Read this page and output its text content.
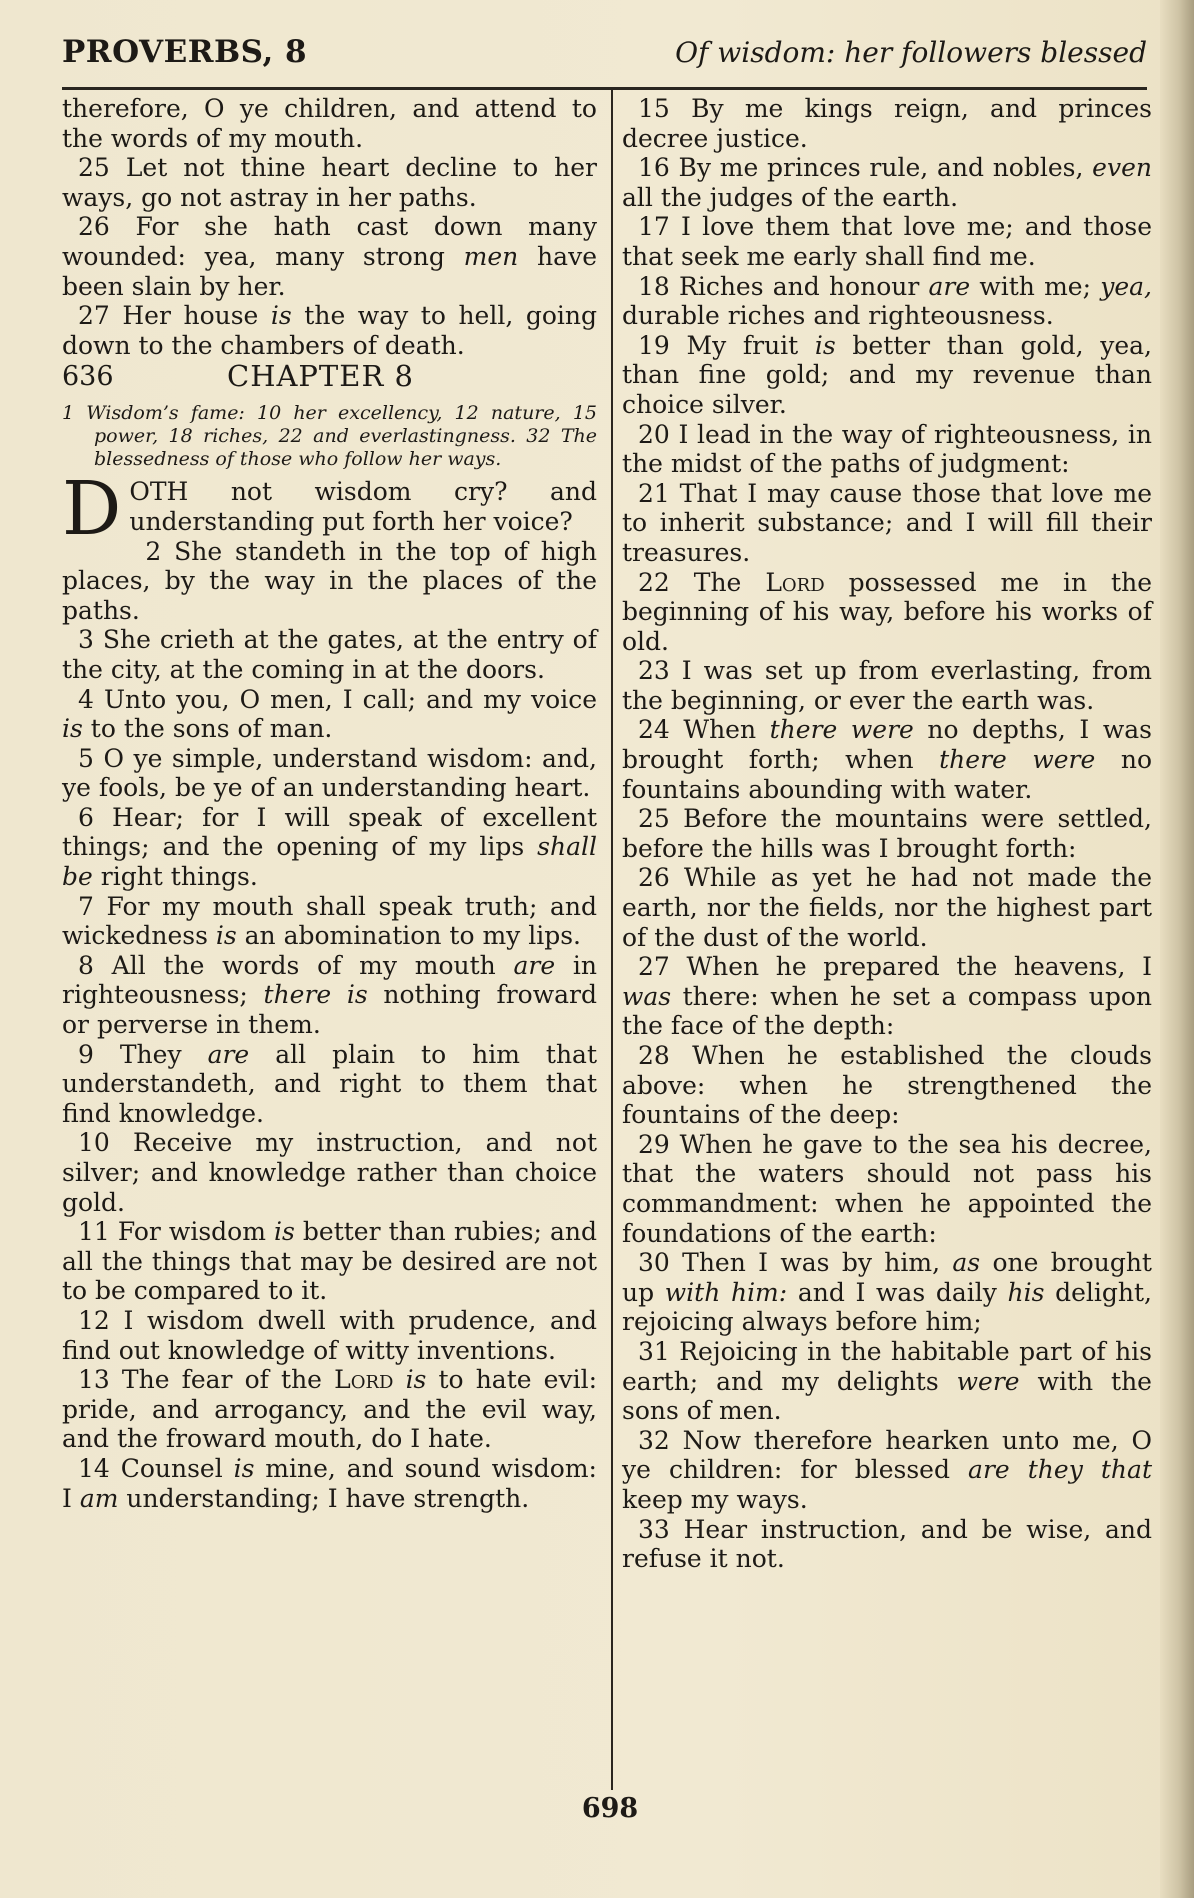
PROVERBS, 8	Of wisdom: her followers blessed

therefore, O ye children, and attend to the words of my mouth.

25 Let not thine heart decline to her ways, go not astray in her paths.

26 For she hath cast down many wounded: yea, many strong men have been slain by her.

27 Her house is the way to hell, going down to the chambers of death.

636	CHAPTER 8

1 Wisdom’s fame: 10 her excellency, 12 nature, 15 power, 18 riches, 22 and everlastingness. 32 The blessedness of those who follow her ways.

DOTH not wisdom cry? and understanding put forth her voice?

2 She standeth in the top of high places, by the way in the places of the paths.

3 She crieth at the gates, at the entry of the city, at the coming in at the doors.

4 Unto you, O men, I call; and my voice is to the sons of man.

5 O ye simple, understand wisdom: and, ye fools, be ye of an understanding heart.

6 Hear; for I will speak of excellent things; and the opening of my lips shall be right things.

7 For my mouth shall speak truth; and wickedness is an abomination to my lips.

8 All the words of my mouth are in righteousness; there is nothing froward or perverse in them.

9 They are all plain to him that understandeth, and right to them that find knowledge.

10 Receive my instruction, and not silver; and knowledge rather than choice gold.

11 For wisdom is better than rubies; and all the things that may be desired are not to be compared to it.

12 I wisdom dwell with prudence, and find out knowledge of witty inventions.

13 The fear of the Lord is to hate evil: pride, and arrogancy, and the evil way, and the froward mouth, do I hate.

14 Counsel is mine, and sound wisdom: I am understanding; I have strength.

15 By me kings reign, and princes decree justice.

16 By me princes rule, and nobles, even all the judges of the earth.

17 I love them that love me; and those that seek me early shall find me.

18 Riches and honour are with me; yea, durable riches and righteousness.

19 My fruit is better than gold, yea, than fine gold; and my revenue than choice silver.

20 I lead in the way of righteousness, in the midst of the paths of judgment:

21 That I may cause those that love me to inherit substance; and I will fill their treasures.

22 The Lord possessed me in the beginning of his way, before his works of old.

23 I was set up from everlasting, from the beginning, or ever the earth was.

24 When there were no depths, I was brought forth; when there were no fountains abounding with water.

25 Before the mountains were settled, before the hills was I brought forth:

26 While as yet he had not made the earth, nor the fields, nor the highest part of the dust of the world.

27 When he prepared the heavens, I was there: when he set a compass upon the face of the depth:

28 When he established the clouds above: when he strengthened the fountains of the deep:

29 When he gave to the sea his decree, that the waters should not pass his commandment: when he appointed the foundations of the earth:

30 Then I was by him, as one brought up with him: and I was daily his delight, rejoicing always before him;

31 Rejoicing in the habitable part of his earth; and my delights were with the sons of men.

32 Now therefore hearken unto me, O ye children: for blessed are they that keep my ways.

33 Hear instruction, and be wise, and refuse it not.

698
